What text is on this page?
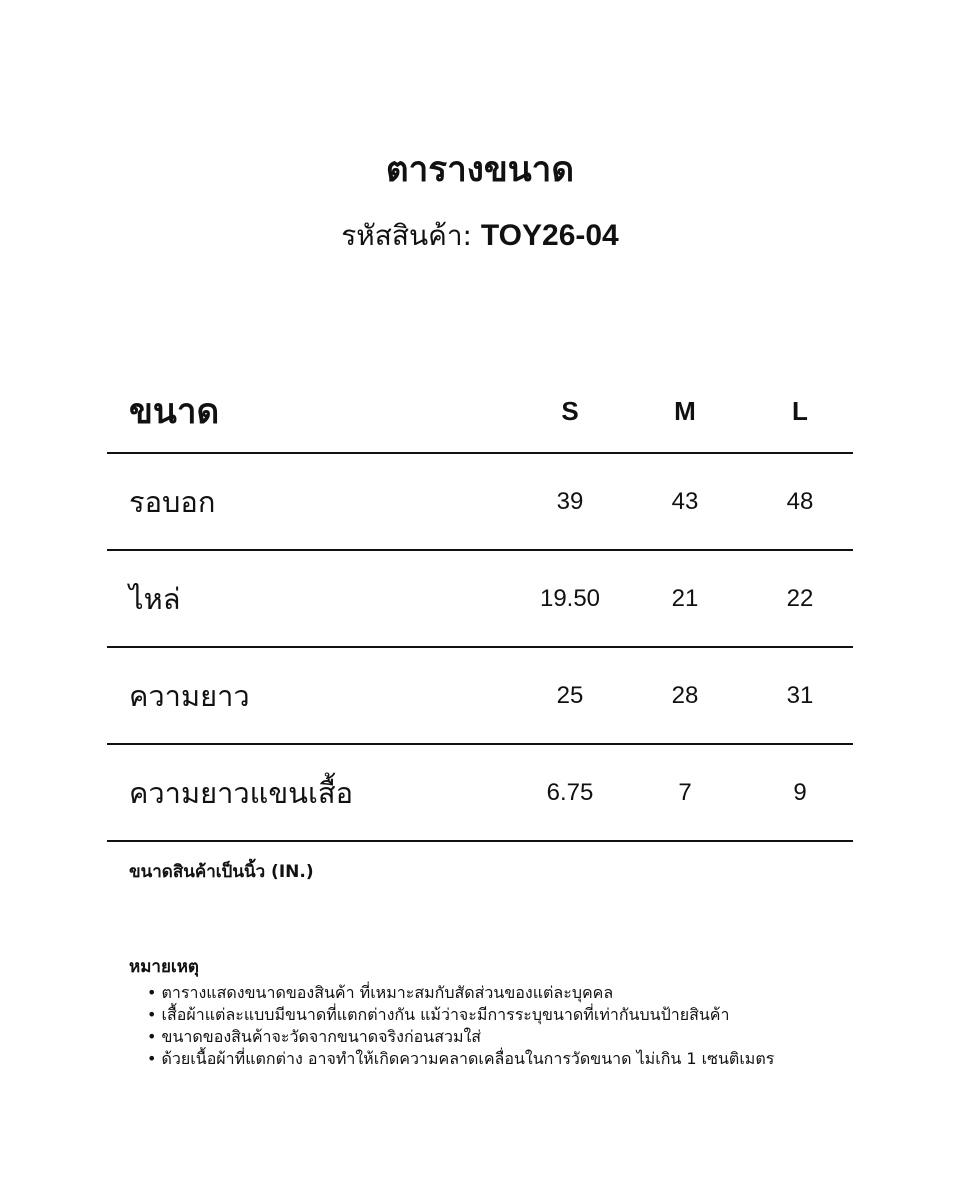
ตารางขนาด
รหัสสินค้า: TOY26-04
ขนาด	S	M	L
รอบอก	39	43	48
ไหล่	19.50	21	22
ความยาว	25	28	31
ความยาวแขนเสื้อ	6.75	7	9
ขนาดสินค้าเป็นนิ้ว (IN.)
หมายเหตุ
• ตารางแสดงขนาดของสินค้า ที่เหมาะสมกับสัดส่วนของแต่ละบุคคล
• เสื้อผ้าแต่ละแบบมีขนาดที่แตกต่างกัน แม้ว่าจะมีการระบุขนาดที่เท่ากันบนป้ายสินค้า
• ขนาดของสินค้าจะวัดจากขนาดจริงก่อนสวมใส่
• ด้วยเนื้อผ้าที่แตกต่าง อาจทำให้เกิดความคลาดเคลื่อนในการวัดขนาด ไม่เกิน 1 เซนติเมตร
